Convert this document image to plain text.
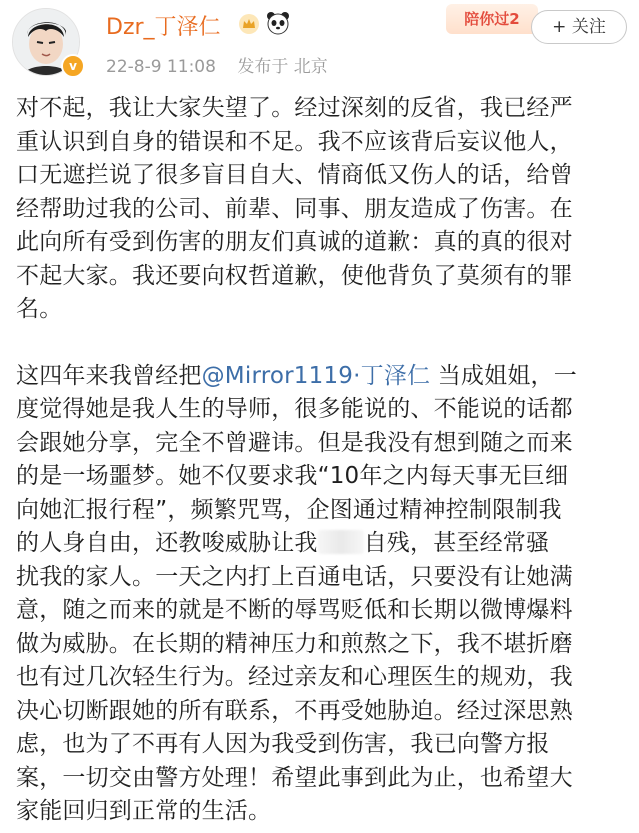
v
Dzr_丁泽仁
22-8-9 11:08 发布于 北京
陪你过2	+ 关注

对不起，我让大家失望了。经过深刻的反省，我已经严
重认识到自身的错误和不足。我不应该背后妄议他人，
口无遮拦说了很多盲目自大、情商低又伤人的话，给曾
经帮助过我的公司、前辈、同事、朋友造成了伤害。在
此向所有受到伤害的朋友们真诚的道歉：真的真的很对
不起大家。我还要向权哲道歉，使他背负了莫须有的罪
名。

这四年来我曾经把@Mirror1119·丁泽仁 当成姐姐，一
度觉得她是我人生的导师，很多能说的、不能说的话都
会跟她分享，完全不曾避讳。但是我没有想到随之而来
的是一场噩梦。她不仅要求我“10年之内每天事无巨细
向她汇报行程”，频繁咒骂，企图通过精神控制限制我
的人身自由，还教唆威胁让我 自残，甚至经常骚
扰我的家人。一天之内打上百通电话，只要没有让她满
意，随之而来的就是不断的辱骂贬低和长期以微博爆料
做为威胁。在长期的精神压力和煎熬之下，我不堪折磨
也有过几次轻生行为。经过亲友和心理医生的规劝，我
决心切断跟她的所有联系，不再受她胁迫。经过深思熟
虑，也为了不再有人因为我受到伤害，我已向警方报
案，一切交由警方处理！希望此事到此为止，也希望大
家能回归到正常的生活。
